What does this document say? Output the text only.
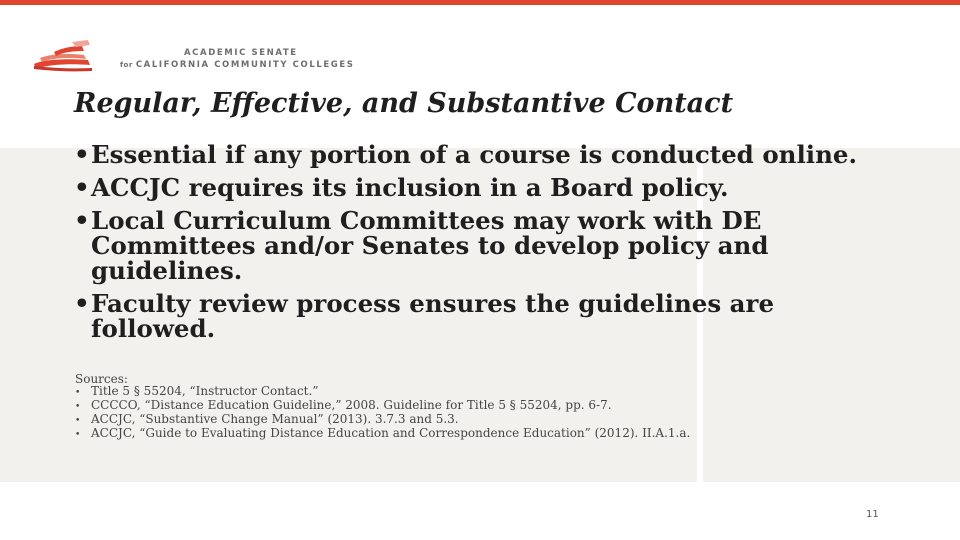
ACADEMIC SENATE
for CALIFORNIA COMMUNITY COLLEGES
Regular, Effective, and Substantive Contact
• Essential if any portion of a course is conducted online.
• ACCJC requires its inclusion in a Board policy.
• Local Curriculum Committees may work with DE Committees and/or Senates to develop policy and guidelines.
• Faculty review process ensures the guidelines are followed.
Sources:
• Title 5 § 55204, “Instructor Contact.”
• CCCCO, “Distance Education Guideline,” 2008. Guideline for Title 5 § 55204, pp. 6-7.
• ACCJC, “Substantive Change Manual” (2013). 3.7.3 and 5.3.
• ACCJC, “Guide to Evaluating Distance Education and Correspondence Education” (2012). II.A.1.a.
11
